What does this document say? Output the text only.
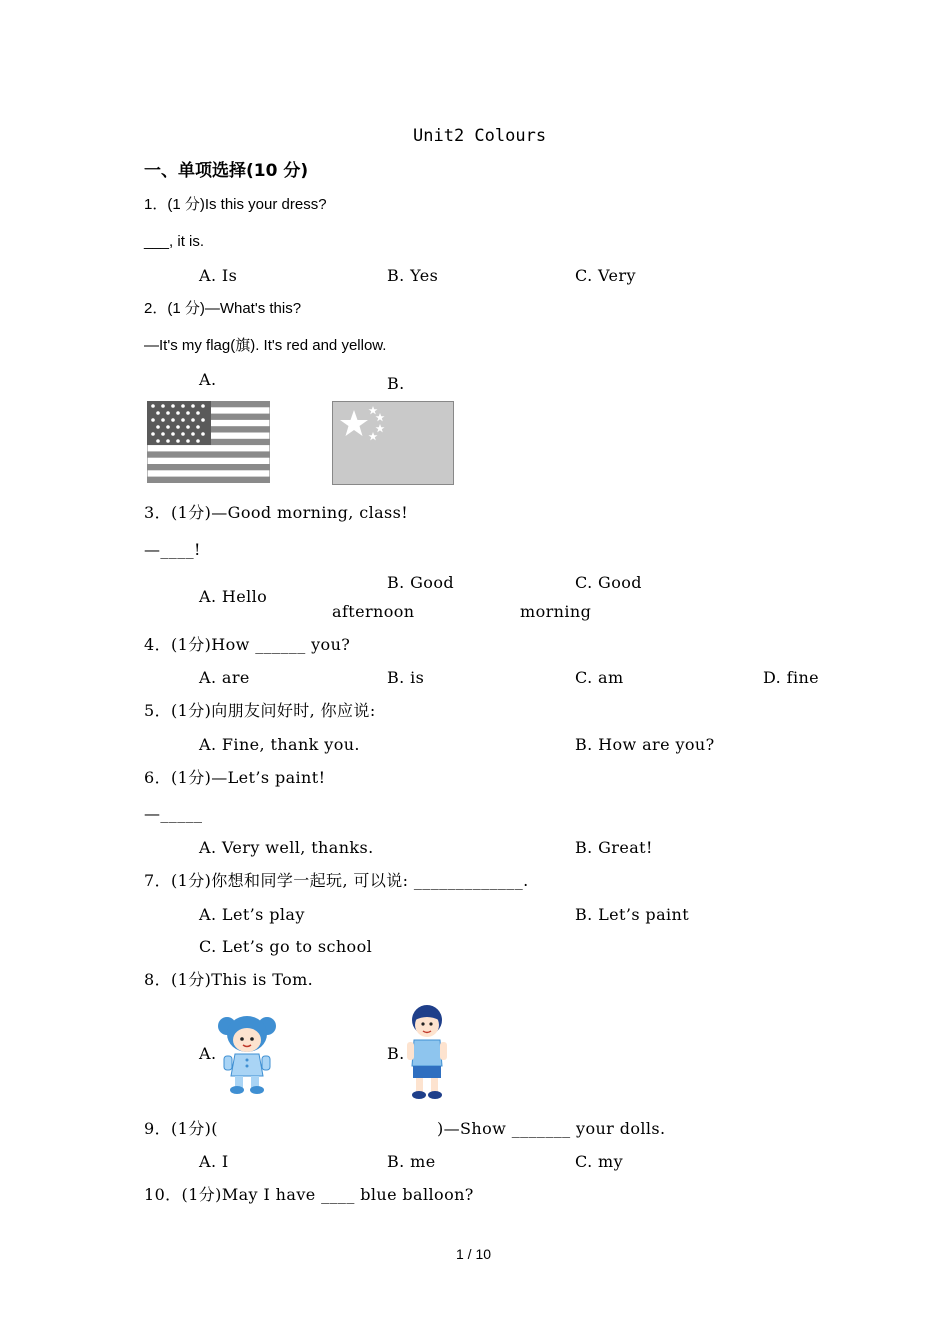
Unit2 Colours
一、单项选择(10 分)
1．(1 分)Is this your dress?
___, it is.
A. Is	B. Yes	C. Very
2．(1 分)—What's this?
—It's my flag(旗). It's red and yellow.
A.	B.
3．(1分)—Good morning, class!
—____!
A. Hello
B. Good
afternoon
C. Good
morning
4．(1分)How ______ you?
A. are	B. is	C. am	D. fine
5．(1分)向朋友问好时, 你应说:
A. Fine, thank you.	B. How are you?
6．(1分)—Let’s paint!
—_____
A. Very well, thanks.	B. Great!
7．(1分)你想和同学一起玩, 可以说: _____________.
A. Let’s play	B. Let’s paint
C. Let’s go to school
8．(1分)This is Tom.
A.	B.
9．(1分)(	)—Show _______ your dolls.
A. I	B. me	C. my
10．(1分)May I have ____ blue balloon?
1 / 10
